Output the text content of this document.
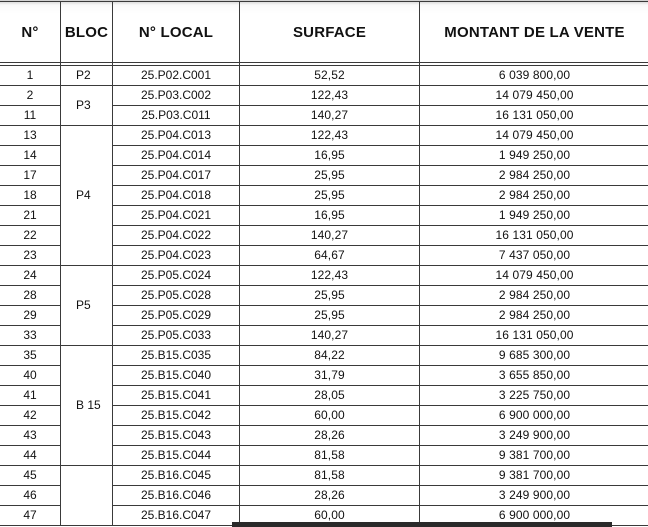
N°	BLOC	N° LOCAL	SURFACE	MONTANT DE LA VENTE

1	P2	25.P02.C001	52,52	6 039 800,00
2	P3	25.P03.C002	122,43	14 079 450,00
11		25.P03.C011	140,27	16 131 050,00
13	P4	25.P04.C013	122,43	14 079 450,00
14		25.P04.C014	16,95	1 949 250,00
17		25.P04.C017	25,95	2 984 250,00
18		25.P04.C018	25,95	2 984 250,00
21		25.P04.C021	16,95	1 949 250,00
22		25.P04.C022	140,27	16 131 050,00
23		25.P04.C023	64,67	7 437 050,00
24	P5	25.P05.C024	122,43	14 079 450,00
28		25.P05.C028	25,95	2 984 250,00
29		25.P05.C029	25,95	2 984 250,00
33		25.P05.C033	140,27	16 131 050,00
35	B 15	25.B15.C035	84,22	9 685 300,00
40		25.B15.C040	31,79	3 655 850,00
41		25.B15.C041	28,05	3 225 750,00
42		25.B15.C042	60,00	6 900 000,00
43		25.B15.C043	28,26	3 249 900,00
44		25.B15.C044	81,58	9 381 700,00
45		25.B16.C045	81,58	9 381 700,00
46		25.B16.C046	28,26	3 249 900,00
47		25.B16.C047	60,00	6 900 000,00
